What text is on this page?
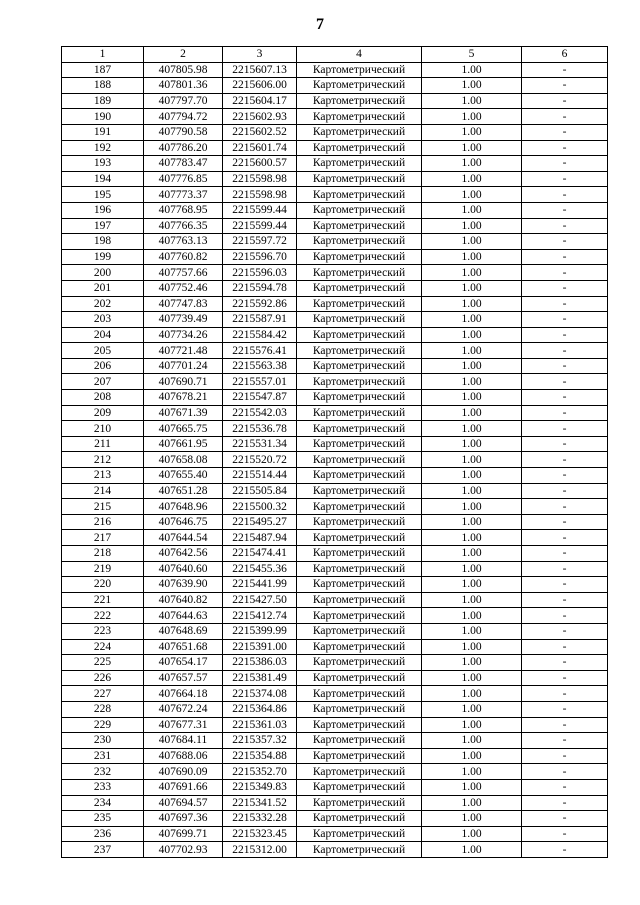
7
1	2	3	4	5	6
187	407805.98	2215607.13	Картометрический	1.00	-
188	407801.36	2215606.00	Картометрический	1.00	-
189	407797.70	2215604.17	Картометрический	1.00	-
190	407794.72	2215602.93	Картометрический	1.00	-
191	407790.58	2215602.52	Картометрический	1.00	-
192	407786.20	2215601.74	Картометрический	1.00	-
193	407783.47	2215600.57	Картометрический	1.00	-
194	407776.85	2215598.98	Картометрический	1.00	-
195	407773.37	2215598.98	Картометрический	1.00	-
196	407768.95	2215599.44	Картометрический	1.00	-
197	407766.35	2215599.44	Картометрический	1.00	-
198	407763.13	2215597.72	Картометрический	1.00	-
199	407760.82	2215596.70	Картометрический	1.00	-
200	407757.66	2215596.03	Картометрический	1.00	-
201	407752.46	2215594.78	Картометрический	1.00	-
202	407747.83	2215592.86	Картометрический	1.00	-
203	407739.49	2215587.91	Картометрический	1.00	-
204	407734.26	2215584.42	Картометрический	1.00	-
205	407721.48	2215576.41	Картометрический	1.00	-
206	407701.24	2215563.38	Картометрический	1.00	-
207	407690.71	2215557.01	Картометрический	1.00	-
208	407678.21	2215547.87	Картометрический	1.00	-
209	407671.39	2215542.03	Картометрический	1.00	-
210	407665.75	2215536.78	Картометрический	1.00	-
211	407661.95	2215531.34	Картометрический	1.00	-
212	407658.08	2215520.72	Картометрический	1.00	-
213	407655.40	2215514.44	Картометрический	1.00	-
214	407651.28	2215505.84	Картометрический	1.00	-
215	407648.96	2215500.32	Картометрический	1.00	-
216	407646.75	2215495.27	Картометрический	1.00	-
217	407644.54	2215487.94	Картометрический	1.00	-
218	407642.56	2215474.41	Картометрический	1.00	-
219	407640.60	2215455.36	Картометрический	1.00	-
220	407639.90	2215441.99	Картометрический	1.00	-
221	407640.82	2215427.50	Картометрический	1.00	-
222	407644.63	2215412.74	Картометрический	1.00	-
223	407648.69	2215399.99	Картометрический	1.00	-
224	407651.68	2215391.00	Картометрический	1.00	-
225	407654.17	2215386.03	Картометрический	1.00	-
226	407657.57	2215381.49	Картометрический	1.00	-
227	407664.18	2215374.08	Картометрический	1.00	-
228	407672.24	2215364.86	Картометрический	1.00	-
229	407677.31	2215361.03	Картометрический	1.00	-
230	407684.11	2215357.32	Картометрический	1.00	-
231	407688.06	2215354.88	Картометрический	1.00	-
232	407690.09	2215352.70	Картометрический	1.00	-
233	407691.66	2215349.83	Картометрический	1.00	-
234	407694.57	2215341.52	Картометрический	1.00	-
235	407697.36	2215332.28	Картометрический	1.00	-
236	407699.71	2215323.45	Картометрический	1.00	-
237	407702.93	2215312.00	Картометрический	1.00	-
